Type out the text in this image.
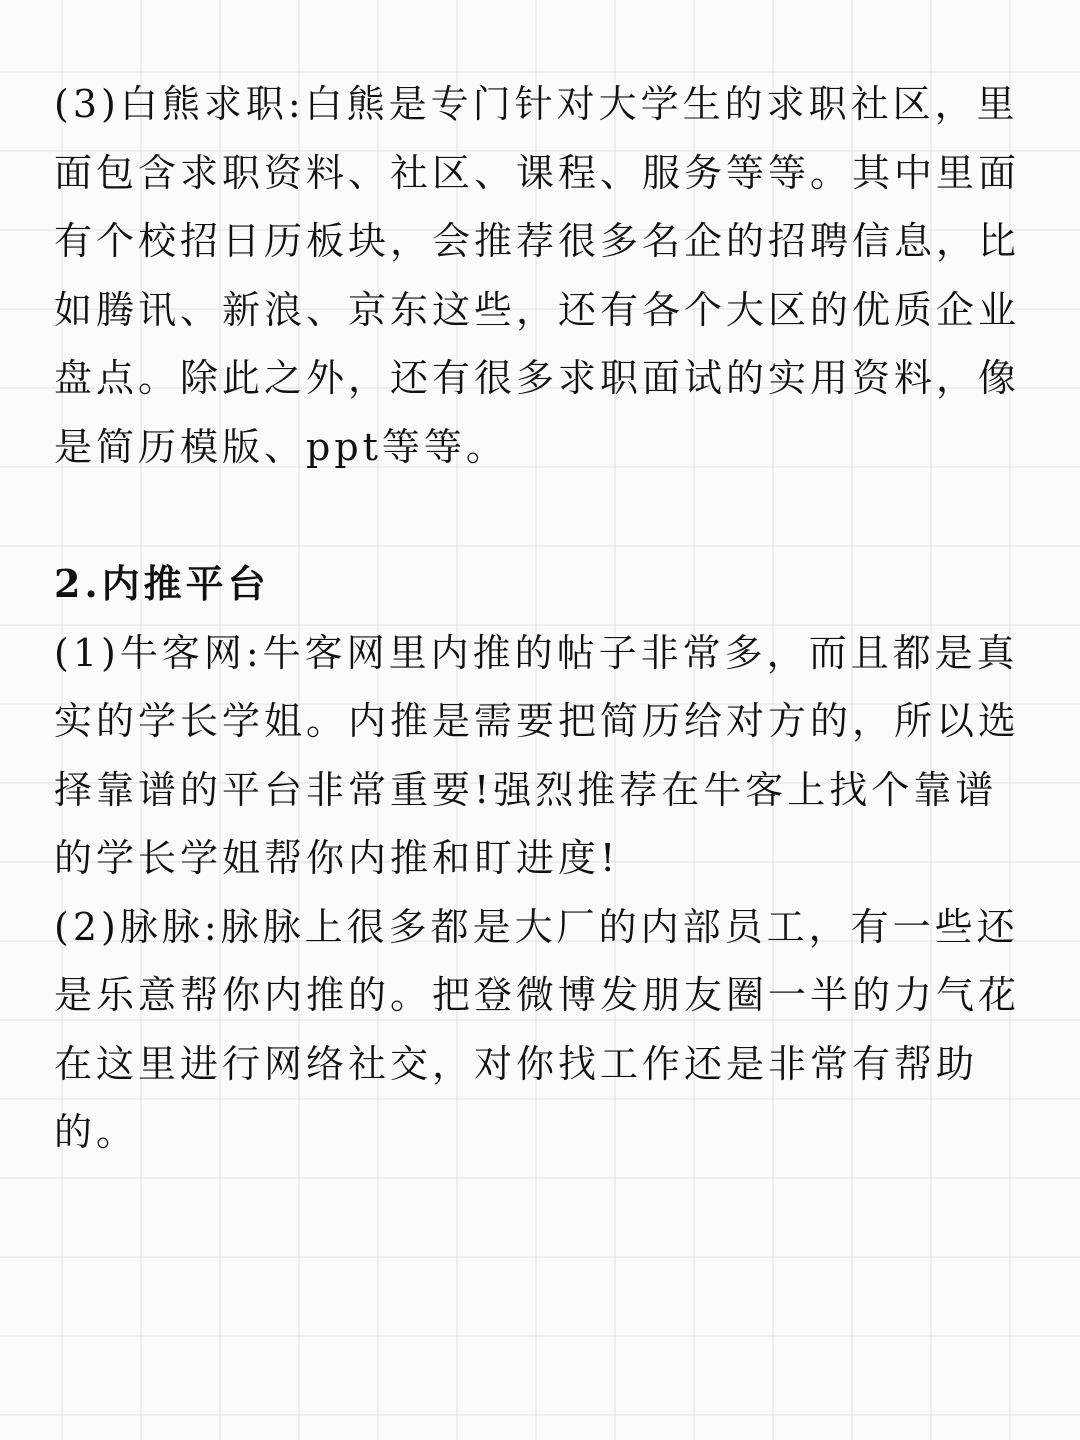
(3)白熊求职:白熊是专门针对大学生的求职社区，里面包含求职资料、社区、课程、服务等等。其中里面有个校招日历板块，会推荐很多名企的招聘信息，比如腾讯、新浪、京东这些，还有各个大区的优质企业盘点。除此之外，还有很多求职面试的实用资料，像是简历模版、ppt等等。

2.内推平台

(1)牛客网:牛客网里内推的帖子非常多，而且都是真实的学长学姐。内推是需要把简历给对方的，所以选择靠谱的平台非常重要!强烈推荐在牛客上找个靠谱的学长学姐帮你内推和盯进度!

(2)脉脉:脉脉上很多都是大厂的内部员工，有一些还是乐意帮你内推的。把登微博发朋友圈一半的力气花在这里进行网络社交，对你找工作还是非常有帮助的。
